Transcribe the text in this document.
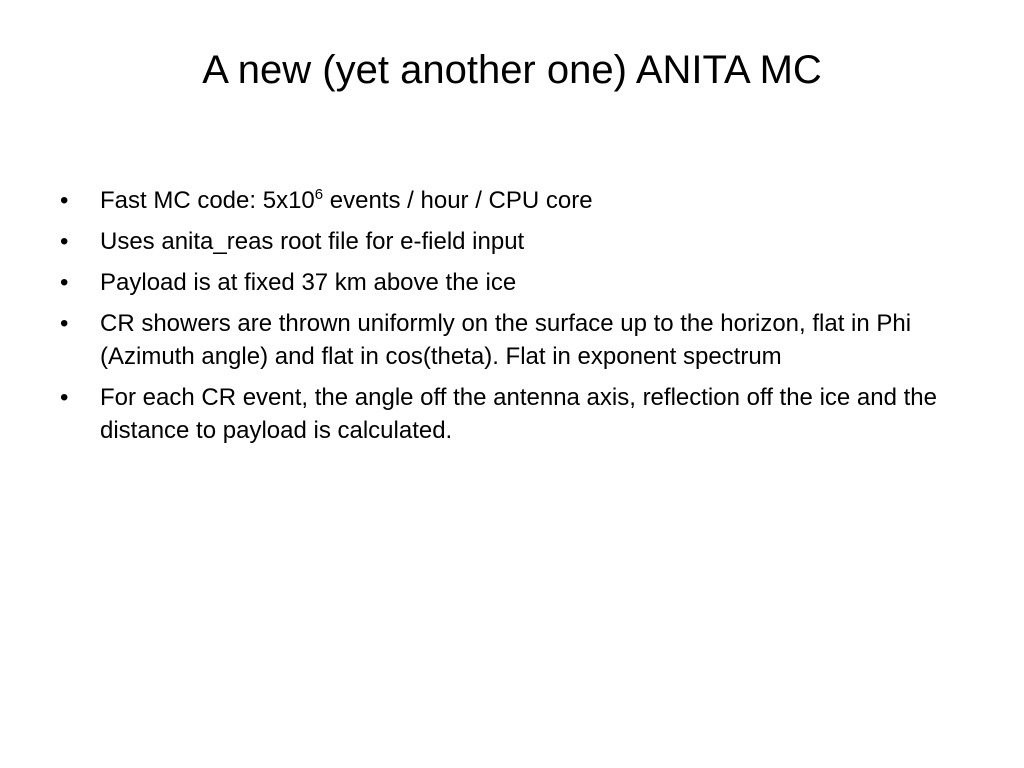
A new (yet another one) ANITA MC
• Fast MC code: $5x10^6$ events / hour / CPU core
• Uses anita_reas root file for e-field input
• Payload is at fixed 37 km above the ice
• CR showers are thrown uniformly on the surface up to the horizon, flat in Phi (Azimuth angle) and flat in cos(theta). Flat in exponent spectrum
• For each CR event, the angle off the antenna axis, reflection off the ice and the distance to payload is calculated.
